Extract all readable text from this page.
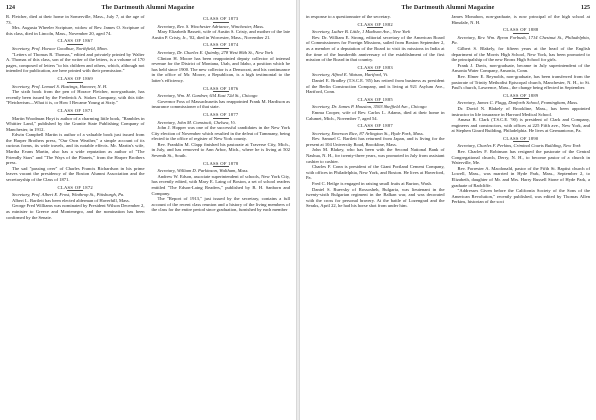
124	The Dartmouth Alumni Magazine

R. Fletcher, died at their home in Somerville, Mass., July 7, at the age of 73.

Mrs. Augusta Wheeler Scripture, widow of Rev. James O. Scripture of this class, died in Lincoln, Mass., November 20, aged 74.

CLASS OF 1867

Secretary, Prof. Horace Goodhue, Northfield, Minn.

"Letters of Thomas R. Thomas," edited and privately printed by Walter A. Thomas of this class, son of the writer of the letters, is a volume of 170 pages, composed of letters "to his children and others, which, although not intended for publication, are here printed with their permission."

CLASS OF 1869

Secretary, Prof. Lemuel S. Hastings, Hanover, N. H.

The sixth book from the pen of Horace Fletcher, non-graduate, has recently been issued by the Frederick A. Stokes Company, with this title: "Fletcherism—What it is, or How I Became Young at Sixty."

CLASS OF 1871

Martin Woodman Hoyt is author of a charming little book, "Rambles in Whittier Land," published by the Granite State Publishing Company of Manchester, in 1912.

Edwin Campbell Martin is author of a valuable book just issued from the Harper Brothers press, "Our Own Weather," a simple account of its curious forms, its wide travels, and its notable effects. Mr. Martin's wife, Martha Evans Martin, also has a wide reputation as author of "The Friendly Stars" and "The Ways of the Planets," from the Harper Brothers press.

The sad "passing over" of Charles Francis Richardson in his prime leaves vacant the presidency of the Boston Alumni Association and the secretaryship of the Class of 1871.

CLASS OF 1872

Secretary, Prof. Albert E. Frost, Winthrop St., Pittsburgh, Pa.

Albert L. Bartlett has been elected alderman of Haverhill, Mass.

George Fred Williams was nominated by President Wilson December 2, as minister to Greece and Montenegro, and the nomination has been confirmed by the Senate.

CLASS OF 1873

Secretary, Rev. S. Winchester Adriance, Winchester, Mass.

Mary Elizabeth Bassett, wife of Austin S. Cristy, and mother of the late Austin P. Cristy, Jr., '02, died in Worcester, Mass., November 21.

CLASS OF 1874

Secretary, Dr. Charles E. Quimby, 278 West 86th St., New York

Clinton H. Moore has been reappointed deputy collector of internal revenue for the District of Montana, Utah, and Idaho, a position which he has held since 1900. The new collector is a Democrat, and his continuance in the office of Mr. Moore, a Republican, is a high testimonial to the latter's efficiency.

CLASS OF 1876

Secretary, Wm. H. Gardner, 634 East 72d St., Chicago

Governor Foss of Massachusetts has reappointed Frank M. Hardison as insurance commissioner of that state.

CLASS OF 1877

Secretary, John M. Comstock, Chelsea, Vt.

John J. Hopper was one of the successful candidates in the New York City election of November which resulted in the defeat of Tammany, being elected to the office of register of New York county.

Rev. Franklin M. Clapp finished his pastorate at Traverse City, Mich., in July, and has removed to Ann Arbor, Mich., where he is living at 502 Seventh St., South.

CLASS OF 1878

Secretary, William D. Parkinson, Waltham, Mass.

Andrew W. Edson, associate superintendent of schools, New York City, has recently edited, with Mary E. Laing of Boston, a set of school readers entitled "The Edson-Laing Readers," published by B. H. Sanborn and Company.

The "Report of 1913," just issued by the secretary, contains a full account of the recent class reunion and a history of the living members of the class for the entire period since graduation, furnished by each member

The Dartmouth Alumni Magazine	125

in response to a questionnaire of the secretary.

CLASS OF 1882

Secretary, Luther B. Little, 1 Madison Ave., New York

Rev. Dr. William E. Strong, editorial secretary of the American Board of Commissioners for Foreign Missions, sailed from Boston September 2, as a member of a deputation of the Board to visit its missions in India at the time of the hundredth anniversary of the establishment of the first mission of the Board in that country.

CLASS OF 1883

Secretary, Alfred E. Watson, Hartford, Vt.

Daniel E. Bradley (T.S.C.E. '85) has retired from business as president of the Berlin Construction Company, and is living at 921 Asylum Ave., Hartford, Conn.

CLASS OF 1885

Secretary, Dr. James P. Houston, 3503 Sheffield Ave., Chicago

Emma Cooper, wife of Rev. Carlos L. Adams, died at their home in Calumet, Mich., November 7, aged 54.

CLASS OF 1887

Secretary, Emerson Rice, 87 Arlington St., Hyde Park, Mass.

Rev. Samuel C. Bartlett has returned from Japan, and is living for the present at 104 University Road, Brookline, Mass.

John M. Blakey, who has been with the Second National Bank of Nashua, N. H., for twenty-three years, was promoted in July from assistant cashier to cashier.

Charles F. Conn is president of the Giant Portland Cement Company, with offices in Philadelphia, New York, and Boston. He lives at Haverford, Pa.

Fred C. Heilge is engaged in raising small fruits at Burton, Wash.

Daniel S. Ruevsky of Rossosheh, Bulgaria, was lieutenant in the twenty-sixth Bulgarian regiment in the Balkan war, and was decorated with the cross for personal bravery. At the battle of Lozengrad and the Seraks, April 22, he had his horse shot from under him.

James Monahon, non-graduate, is now principal of the high school at Hinsdale, N. H.

CLASS OF 1888

Secretary, Rev. Wm. Byron Forbush, 1714 Chestnut St., Philadelphia, Pa.

Gilbert S. Blakely, for fifteen years at the head of the English department of the Morris High School, New York, has been promoted to the principalship of the new Bronx High School for girls.

Frank J. Davis, non-graduate, became in July superintendent of the Ansonia Water Company, Ansonia, Conn.

Rev. Elmer E. Reynolds, non-graduate, has been transferred from the pastorate of Trinity Methodist Episcopal church, Manchester, N. H., to St. Paul's church, Lawrence, Mass., the change being effected in September.

CLASS OF 1889

Secretary, James C. Flagg, Danforth School, Framingham, Mass.

Dr. David N. Blakely of Brookline, Mass., has been appointed instructor in life insurance in Harvard Medical School.

Amasa B. Clark (T.S.C.E. '90) is president of Clark and Company, engineers and constructors, with offices at 225 Fifth ave., New York, and at Stephen Girard Building, Philadelphia. He lives at Germantown, Pa.

CLASS OF 1890

Secretary, Charles F. Perkins, Criminal Courts Building, New York

Rev. Charles F. Robinson has resigned the pastorate of the Central Congregational church, Derry, N. H., to become pastor of a church in Waterville, Me.

Rev. Forrester A. Macdonald, pastor of the Fifth St. Baptist church of Lowell, Mass., was married in Hyde Park, Mass., September 2, to Elizabeth, daughter of Mr. and Mrs. Harry Russell Stone of Hyde Park, a graduate of Radcliffe.

"Addresses Given before the California Society of the Sons of the American Revolution," recently published, was edited by Thomas Allen Perkins, historian of the soci
